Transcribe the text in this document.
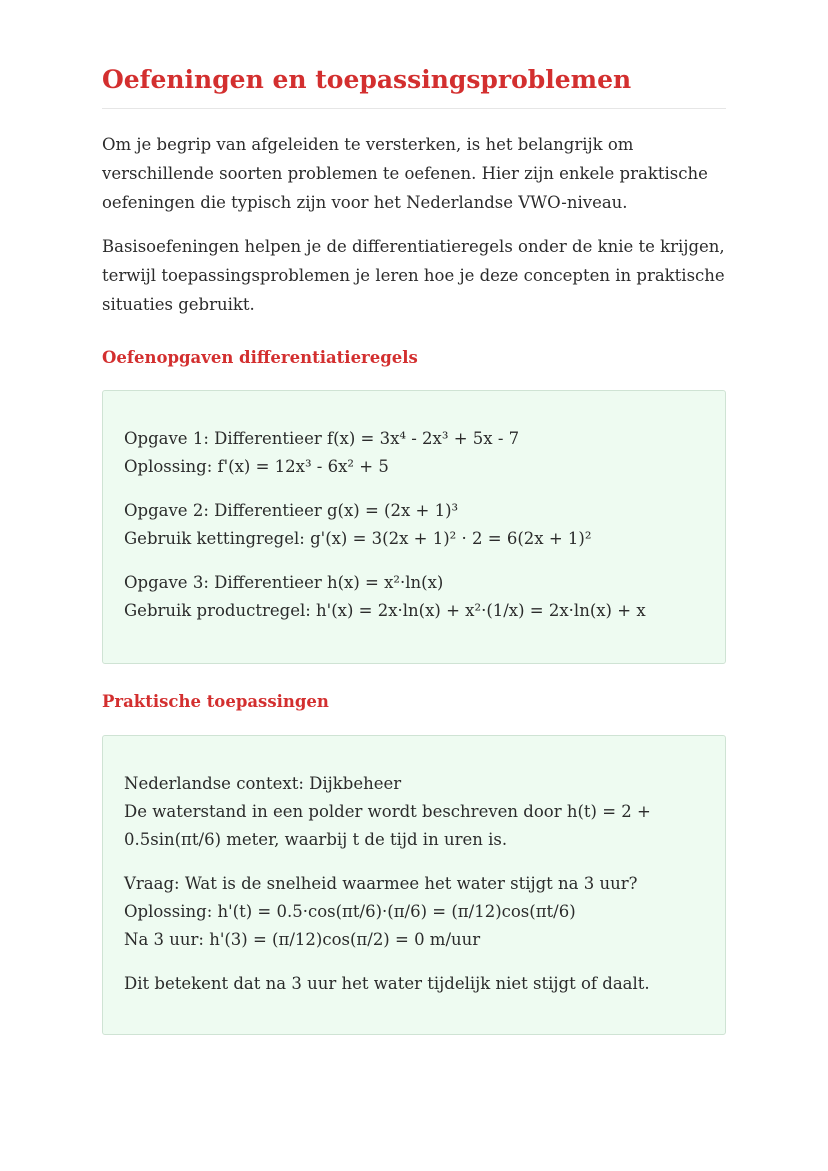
Oefeningen en toepassingsproblemen

Om je begrip van afgeleiden te versterken, is het belangrijk om verschillende soorten problemen te oefenen. Hier zijn enkele praktische oefeningen die typisch zijn voor het Nederlandse VWO-niveau.

Basisoefeningen helpen je de differentiatieregels onder de knie te krijgen, terwijl toepassingsproblemen je leren hoe je deze concepten in praktische situaties gebruikt.

Oefenopgaven differentiatieregels
Opgave 1: Differentieer f(x) = 3x⁴ - 2x³ + 5x - 7
Oplossing: f'(x) = 12x³ - 6x² + 5
Opgave 2: Differentieer g(x) = (2x + 1)³
Gebruik kettingregel: g'(x) = 3(2x + 1)² · 2 = 6(2x + 1)²
Opgave 3: Differentieer h(x) = x²·ln(x)
Gebruik productregel: h'(x) = 2x·ln(x) + x²·(1/x) = 2x·ln(x) + x
Praktische toepassingen
Nederlandse context: Dijkbeheer
De waterstand in een polder wordt beschreven door h(t) = 2 + 0.5sin(πt/6) meter, waarbij t de tijd in uren is.
Vraag: Wat is de snelheid waarmee het water stijgt na 3 uur?
Oplossing: h'(t) = 0.5·cos(πt/6)·(π/6) = (π/12)cos(πt/6)
Na 3 uur: h'(3) = (π/12)cos(π/2) = 0 m/uur
Dit betekent dat na 3 uur het water tijdelijk niet stijgt of daalt.
